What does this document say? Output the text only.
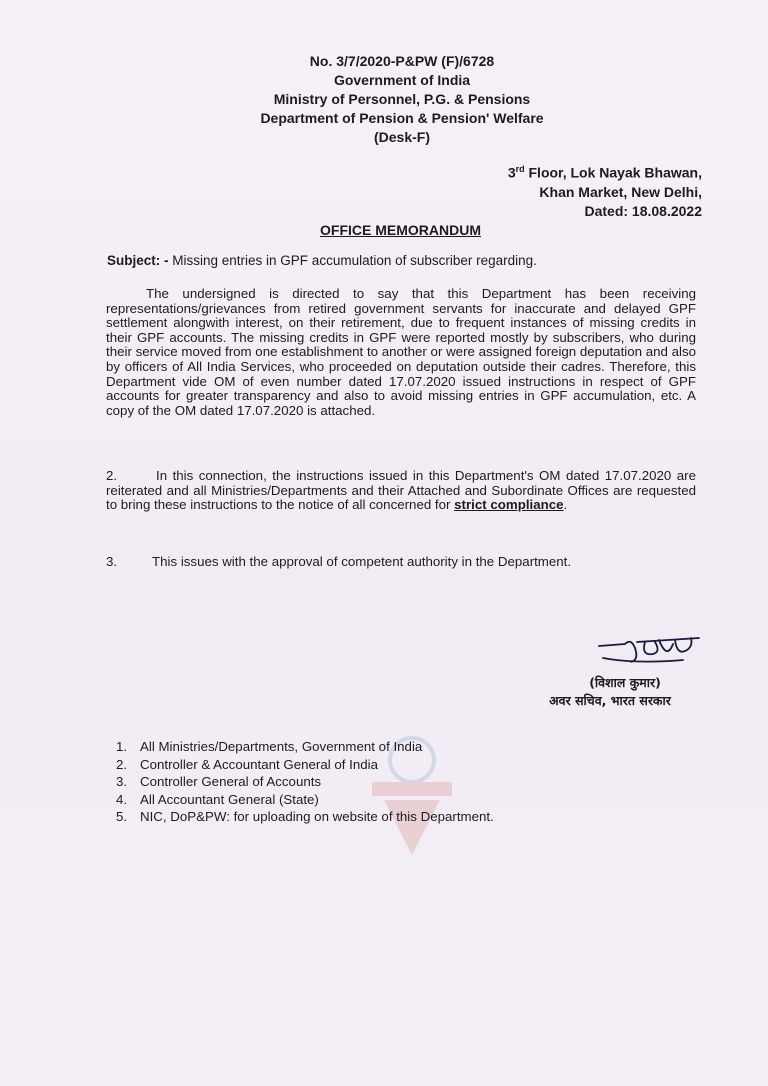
No. 3/7/2020-P&PW (F)/6728
Government of India
Ministry of Personnel, P.G. & Pensions
Department of Pension & Pension' Welfare
(Desk-F)
3rd Floor, Lok Nayak Bhawan,
Khan Market, New Delhi,
Dated: 18.08.2022
OFFICE MEMORANDUM
Subject: - Missing entries in GPF accumulation of subscriber regarding.
The undersigned is directed to say that this Department has been receiving representations/grievances from retired government servants for inaccurate and delayed GPF settlement alongwith interest, on their retirement, due to frequent instances of missing credits in their GPF accounts. The missing credits in GPF were reported mostly by subscribers, who during their service moved from one establishment to another or were assigned foreign deputation and also by officers of All India Services, who proceeded on deputation outside their cadres. Therefore, this Department vide OM of even number dated 17.07.2020 issued instructions in respect of GPF accounts for greater transparency and also to avoid missing entries in GPF accumulation, etc. A copy of the OM dated 17.07.2020 is attached.
2.	In this connection, the instructions issued in this Department's OM dated 17.07.2020 are reiterated and all Ministries/Departments and their Attached and Subordinate Offices are requested to bring these instructions to the notice of all concerned for strict compliance.
3.	This issues with the approval of competent authority in the Department.
(विशाल कुमार)
अवर सचिव, भारत सरकार
1. All Ministries/Departments, Government of India
2. Controller & Accountant General of India
3. Controller General of Accounts
4. All Accountant General (State)
5. NIC, DoP&PW: for uploading on website of this Department.
